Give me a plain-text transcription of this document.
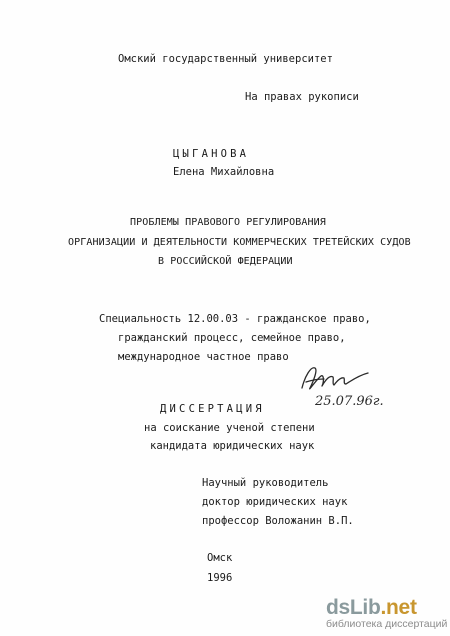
Омский государственный университет
На правах рукописи
ЦЫГАНОВА
Елена Михайловна
ПРОБЛЕМЫ ПРАВОВОГО РЕГУЛИРОВАНИЯ
ОРГАНИЗАЦИИ И ДЕЯТЕЛЬНОСТИ КОММЕРЧЕСКИХ ТРЕТЕЙСКИХ СУДОВ
В РОССИЙСКОЙ ФЕДЕРАЦИИ
Специальность 12.00.03 - гражданское право,
гражданский процесс, семейное право,
международное частное право
25.07.96г.
ДИССЕРТАЦИЯ
на соискание ученой степени
кандидата юридических наук
Научный руководитель
доктор юридических наук
профессор Воложанин В.П.
Омск
1996
dsLib.net
библиотека диссертаций
